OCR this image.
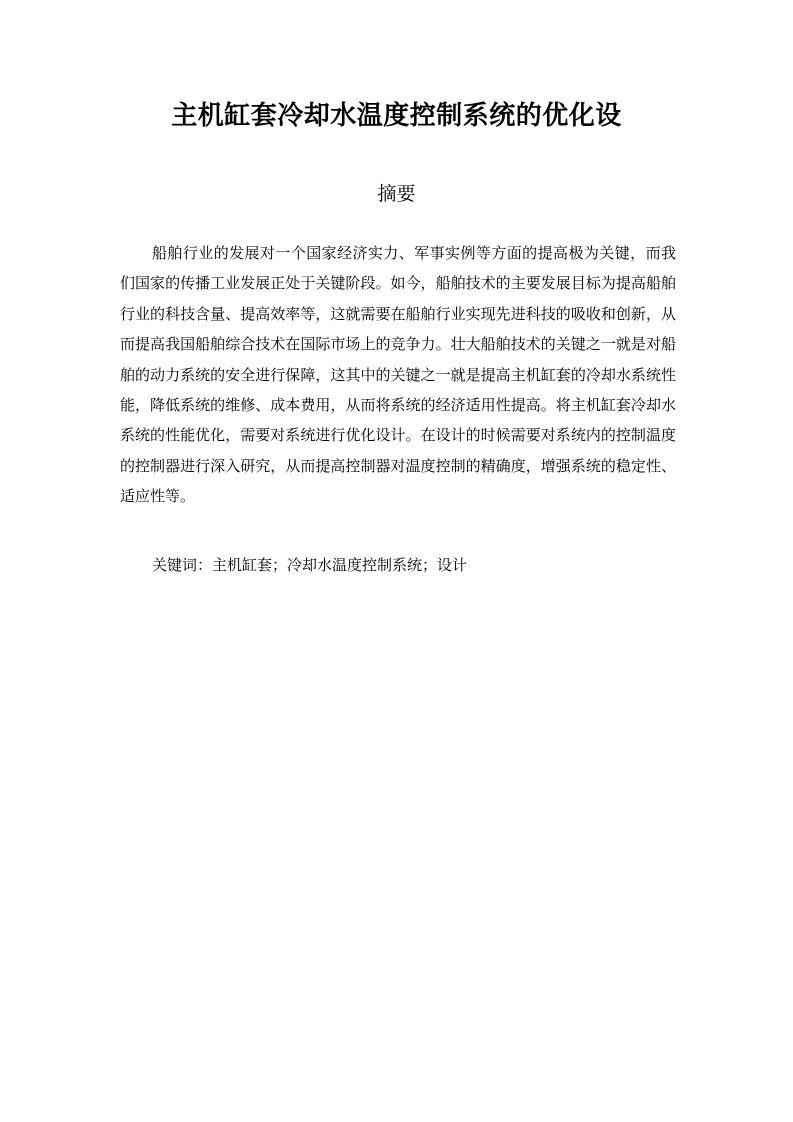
主机缸套冷却水温度控制系统的优化设
摘要

船舶行业的发展对一个国家经济实力、军事实例等方面的提高极为关键，而我们国家的传播工业发展正处于关键阶段。如今，船舶技术的主要发展目标为提高船舶行业的科技含量、提高效率等，这就需要在船舶行业实现先进科技的吸收和创新，从而提高我国船舶综合技术在国际市场上的竞争力。壮大船舶技术的关键之一就是对船舶的动力系统的安全进行保障，这其中的关键之一就是提高主机缸套的冷却水系统性能，降低系统的维修、成本费用，从而将系统的经济适用性提高。将主机缸套冷却水系统的性能优化，需要对系统进行优化设计。在设计的时候需要对系统内的控制温度的控制器进行深入研究，从而提高控制器对温度控制的精确度，增强系统的稳定性、适应性等。

关键词：主机缸套；冷却水温度控制系统；设计
